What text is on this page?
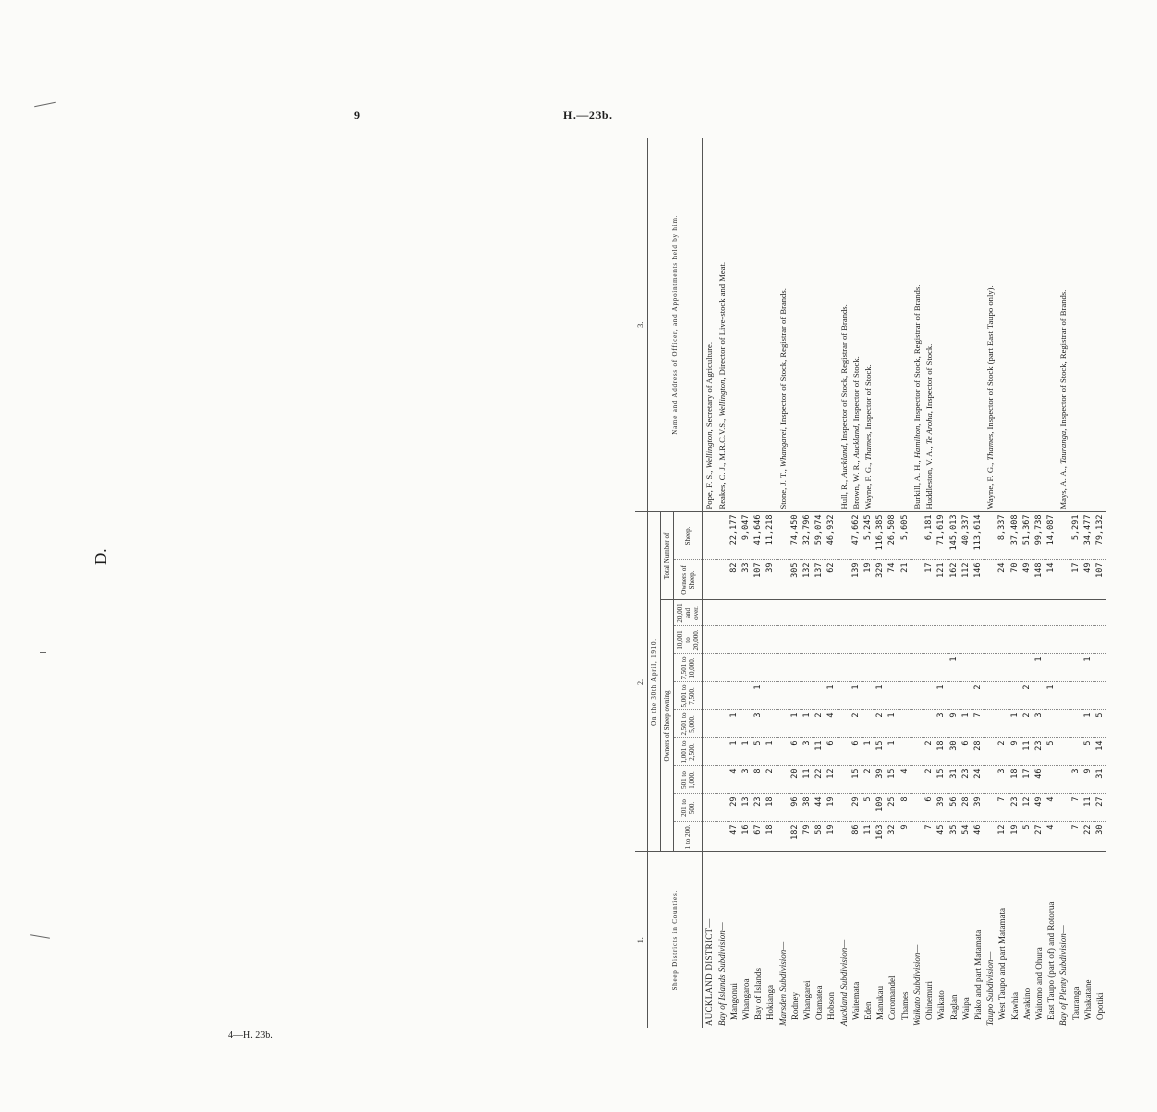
9	H.—23b.
D.
4—H. 23b.
1.	2.											3.
Sheep Districts in Counties.	On the 30th April, 1910.											Name and Address of Officer, and Appointments held by him.
	Owners of Sheep owning									Total Number of		
	1 to 200.	201 to 500.	501 to 1,000.	1,001 to 2,500.	2,501 to 5,000.	5,001 to 7,500.	7,501 to 10,000.	10,001 to 20,000.	20,001 and over.	Owners of Sheep.	Sheep.	
AUCKLAND DISTRICT—												Pope, F. S., Wellington, Secretary of Agriculture.

Bay of Islands Subdivision—												Reakes, C. J., M.R.C.V.S., Wellington, Director of Live-stock and Meat.

Mangonui	47	29	4	1	1					82	22,177	
Whangaroa	16	13	3	1						33	9,047	
Bay of Islands	67	23	8	5	3	1				107	41,646	
Hokianga	18	18	2	1						39	11,218	
Marsden Subdivision—												Stone, J. T., Whangarei, Inspector of Stock, Registrar of Brands.

Rodney	182	96	20	6	1					305	74,450	
Whangarei	79	38	11	3	1					132	32,796	
Otamatea	58	44	22	11	2					137	59,074	
Hobson	19	19	12	6	4	1				62	46,932	
Auckland Subdivision—												Hull, R., Auckland, Inspector of Stock, Registrar of Brands.
Brown, W. R., Auckland, Inspector of Stock.
Wayne, F. G., Thames, Inspector of Stock.

Waitemata	86	29	15	6	2	1				139	47,662	
Eden	11	5	2	1						19	5,245	
Manukau	163	109	39	15	2	1				329	116,385	
Coromandel	32	25	15	1	1					74	26,508	
Thames	9	8	4							21	5,605	
Waikato Subdivision—												Burkill, A. H., Hamilton, Inspector of Stock, Registrar of Brands.
Huddleston, V. A., Te Aroha, Inspector of Stock.

Ohinemuri	7	6	2	2						17	6,181	
Waikato	45	39	15	18	3	1				121	71,619	
Raglan	35	56	31	30	9		1			162	145,013	
Waipa	54	28	23	6	1					112	40,337	
Piako and part Matamata	46	39	24	28	7	2				146	113,614	
Taupo Subdivision—												Wayne, F. G., Thames, Inspector of Stock (part East Taupo only).

West Taupo and part Matamata	12	7	3	2						24	8,337	
Kawhia	19	23	18	9	1					70	37,408	
Awakino	5	12	17	11	2	2				49	51,367	
Waitomo and Ohura	27	49	46	23	3		1			148	99,738	
East Taupo (part of) and Rotorua	4	4		5		1				14	14,087	
Bay of Plenty Subdivision—												Mays, A. A., Tauranga, Inspector of Stock, Registrar of Brands.

Tauranga	7	7	3							17	5,291	
Whakatane	22	11	9	5	1		1			49	34,477	
Opotiki	30	27	31	14	5					107	79,132	
